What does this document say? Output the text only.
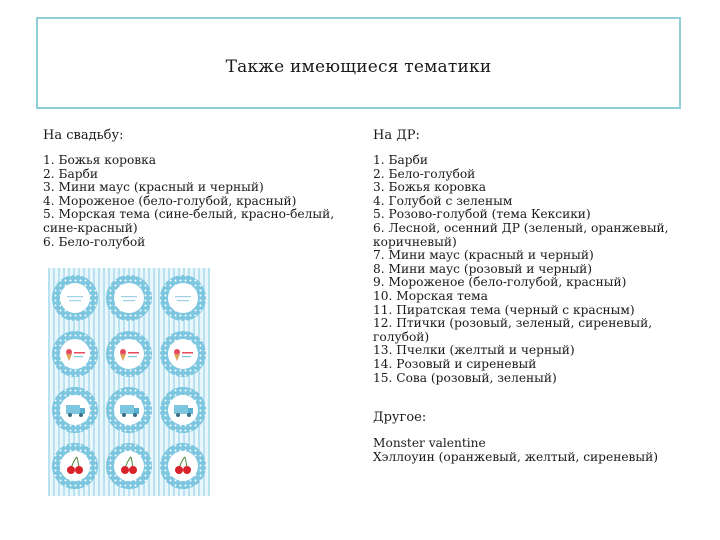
Также имеющиеся тематики
На свадьбу:
1. Божья коровка
2. Барби
3. Мини маус (красный и черный)
4. Мороженое (бело-голубой, красный)
5. Морская тема (сине-белый, красно-белый, сине-красный)
6. Бело-голубой
На ДР:
1. Барби
2. Бело-голубой
3. Божья коровка
4. Голубой с зеленым
5. Розово-голубой (тема Кексики)
6. Лесной, осенний ДР (зеленый, оранжевый, коричневый)
7. Мини маус (красный и черный)
8. Мини маус (розовый и черный)
9. Мороженое (бело-голубой, красный)
10. Морская тема
11. Пиратская тема (черный с красным)
12. Птички (розовый, зеленый, сиреневый, голубой)
13. Пчелки (желтый и черный)
14. Розовый и сиреневый
15. Сова (розовый, зеленый)
Другое:
Monster valentine
Хэллоуин (оранжевый, желтый, сиреневый)
